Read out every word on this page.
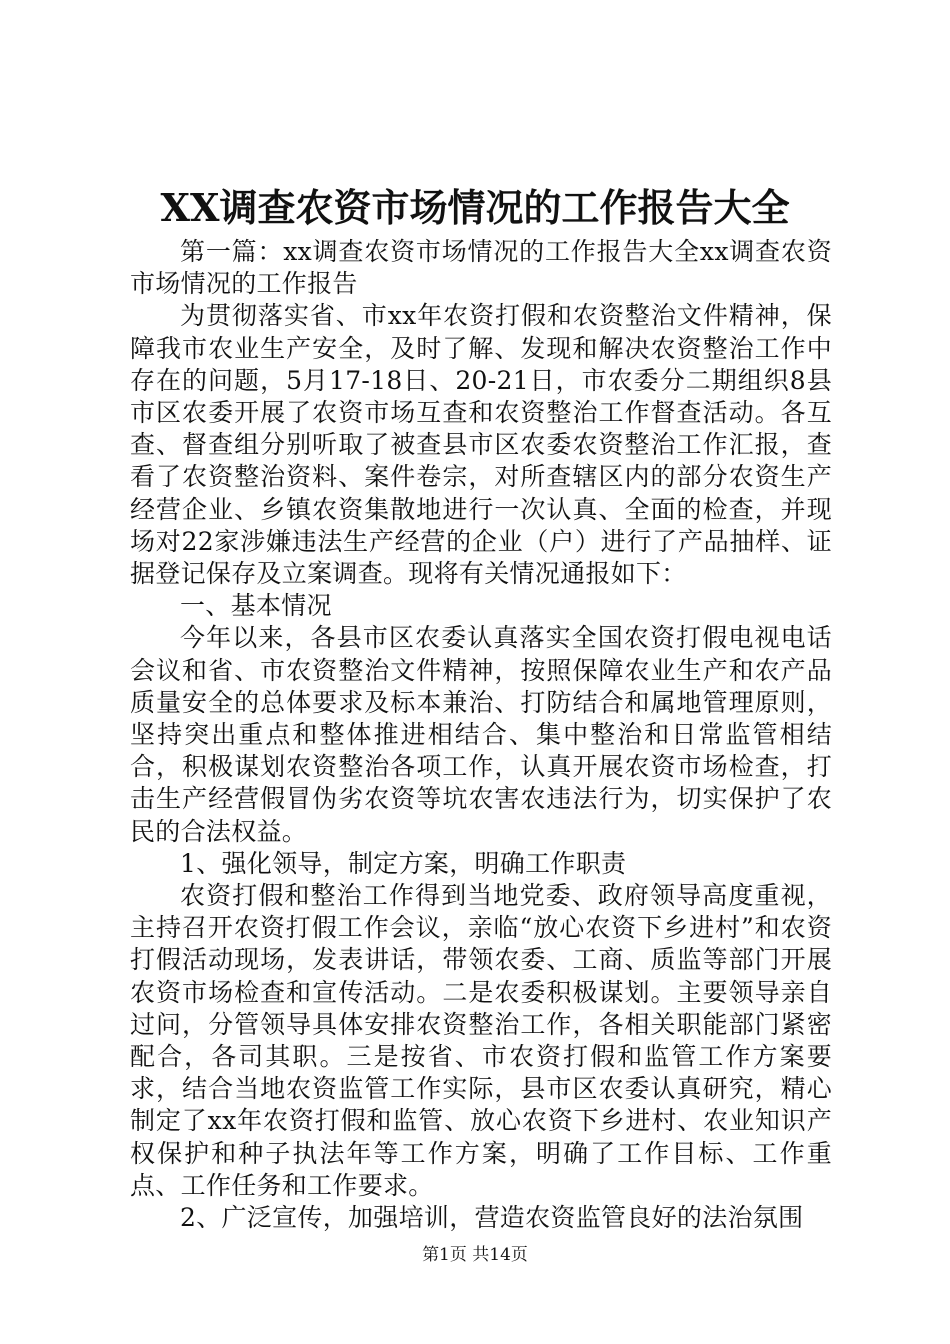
XX调查农资市场情况的工作报告大全

第一篇：xx调查农资市场情况的工作报告大全xx调查农资市场情况的工作报告

为贯彻落实省、市xx年农资打假和农资整治文件精神，保障我市农业生产安全，及时了解、发现和解决农资整治工作中存在的问题，5月17-18日、20-21日，市农委分二期组织8县市区农委开展了农资市场互查和农资整治工作督查活动。各互查、督查组分别听取了被查县市区农委农资整治工作汇报，查看了农资整治资料、案件卷宗，对所查辖区内的部分农资生产经营企业、乡镇农资集散地进行一次认真、全面的检查，并现场对22家涉嫌违法生产经营的企业（户）进行了产品抽样、证据登记保存及立案调查。现将有关情况通报如下：

一、基本情况

今年以来，各县市区农委认真落实全国农资打假电视电话会议和省、市农资整治文件精神，按照保障农业生产和农产品质量安全的总体要求及标本兼治、打防结合和属地管理原则，坚持突出重点和整体推进相结合、集中整治和日常监管相结合，积极谋划农资整治各项工作，认真开展农资市场检查，打击生产经营假冒伪劣农资等坑农害农违法行为，切实保护了农民的合法权益。

1、强化领导，制定方案，明确工作职责

农资打假和整治工作得到当地党委、政府领导高度重视，主持召开农资打假工作会议，亲临“放心农资下乡进村”和农资打假活动现场，发表讲话，带领农委、工商、质监等部门开展农资市场检查和宣传活动。二是农委积极谋划。主要领导亲自过问，分管领导具体安排农资整治工作，各相关职能部门紧密配合，各司其职。三是按省、市农资打假和监管工作方案要求，结合当地农资监管工作实际，县市区农委认真研究，精心制定了xx年农资打假和监管、放心农资下乡进村、农业知识产权保护和种子执法年等工作方案，明确了工作目标、工作重点、工作任务和工作要求。

2、广泛宣传，加强培训，营造农资监管良好的法治氛围

第1页 共14页
